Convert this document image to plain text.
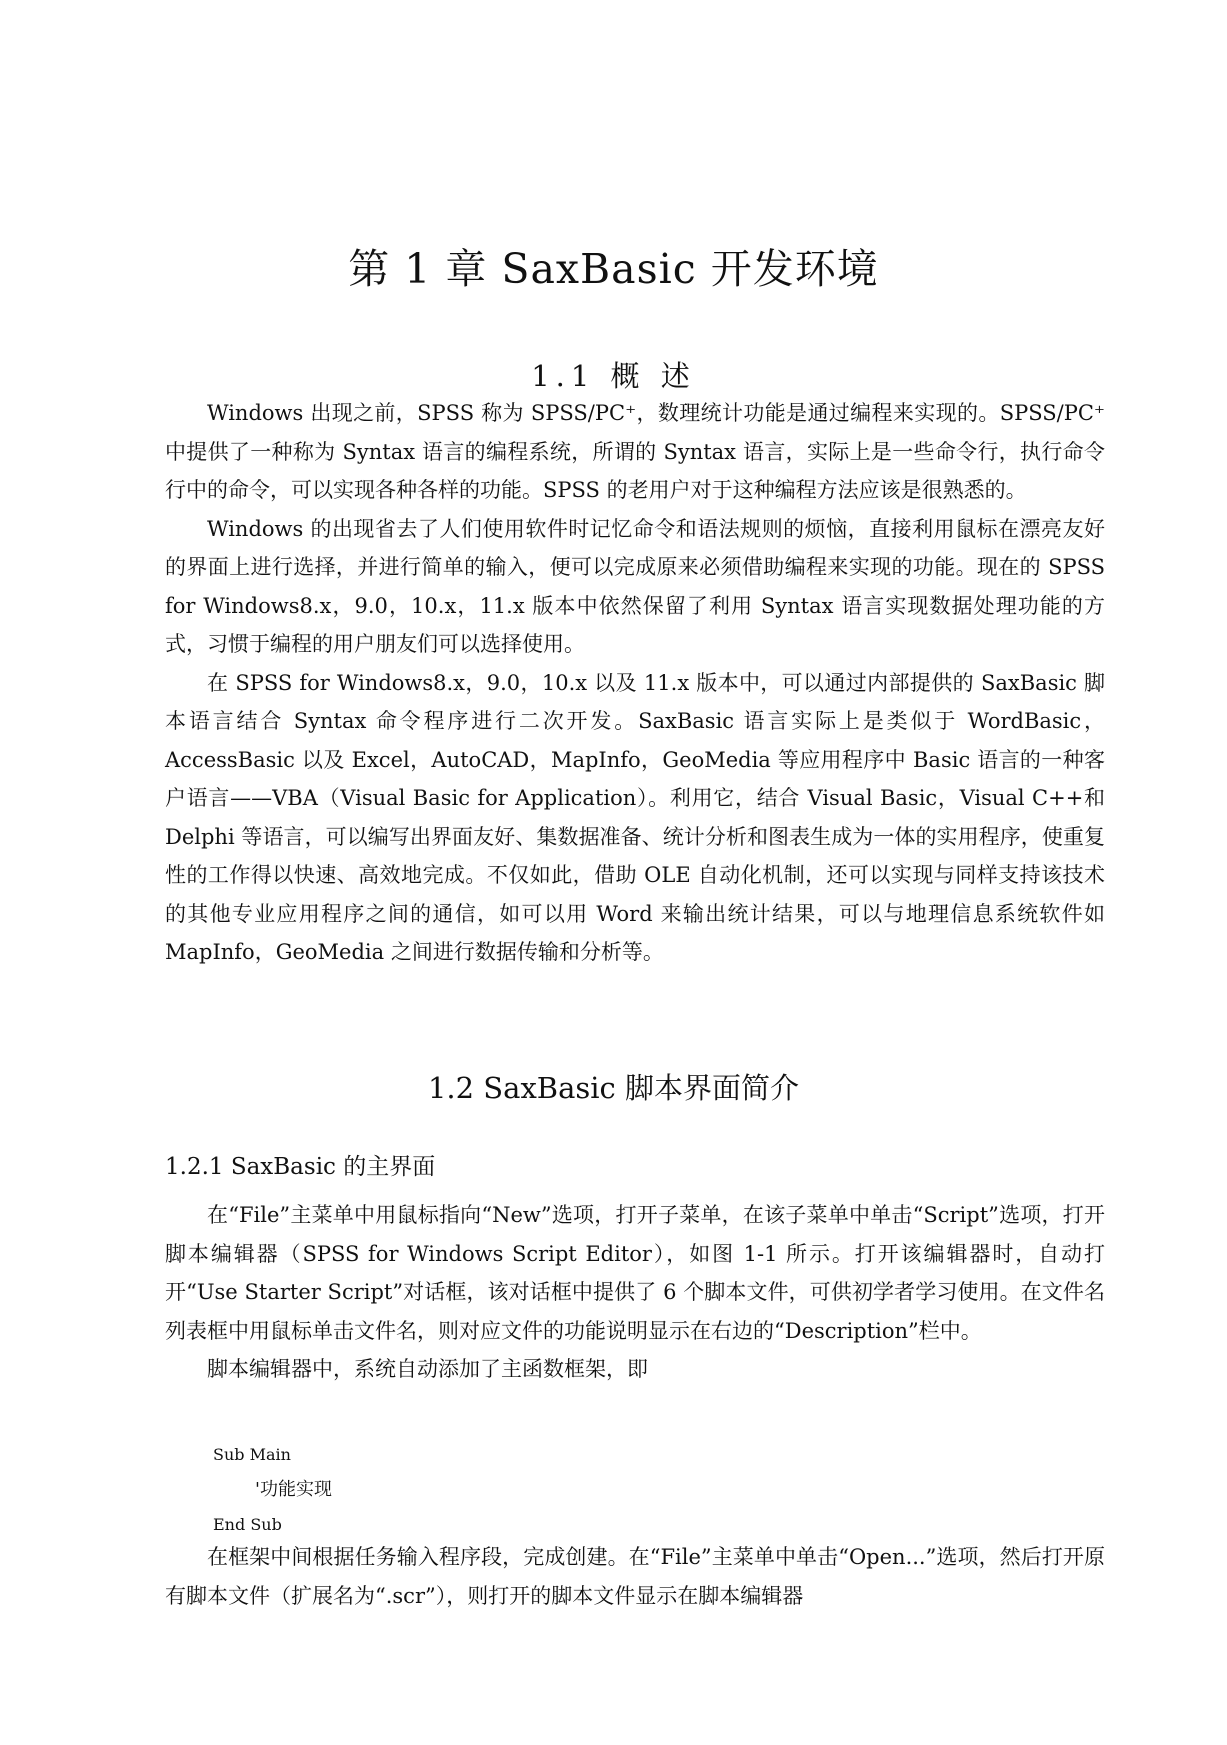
第 1 章 SaxBasic 开发环境
1.1 概 述

Windows 出现之前，SPSS 称为 SPSS/PC⁺，数理统计功能是通过编程来实现的。SPSS/PC⁺中提供了一种称为 Syntax 语言的编程系统，所谓的 Syntax 语言，实际上是一些命令行，执行命令行中的命令，可以实现各种各样的功能。SPSS 的老用户对于这种编程方法应该是很熟悉的。

Windows 的出现省去了人们使用软件时记忆命令和语法规则的烦恼，直接利用鼠标在漂亮友好的界面上进行选择，并进行简单的输入，便可以完成原来必须借助编程来实现的功能。现在的 SPSS for Windows8.x，9.0，10.x，11.x 版本中依然保留了利用 Syntax 语言实现数据处理功能的方式，习惯于编程的用户朋友们可以选择使用。

在 SPSS for Windows8.x，9.0，10.x 以及 11.x 版本中，可以通过内部提供的 SaxBasic 脚本语言结合 Syntax 命令程序进行二次开发。SaxBasic 语言实际上是类似于 WordBasic，AccessBasic 以及 Excel，AutoCAD，MapInfo，GeoMedia 等应用程序中 Basic 语言的一种客户语言——VBA（Visual Basic for Application）。利用它，结合 Visual Basic，Visual C++和 Delphi 等语言，可以编写出界面友好、集数据准备、统计分析和图表生成为一体的实用程序，使重复性的工作得以快速、高效地完成。不仅如此，借助 OLE 自动化机制，还可以实现与同样支持该技术的其他专业应用程序之间的通信，如可以用 Word 来输出统计结果，可以与地理信息系统软件如 MapInfo，GeoMedia 之间进行数据传输和分析等。

1.2 SaxBasic 脚本界面简介
1.2.1 SaxBasic 的主界面

在“File”主菜单中用鼠标指向“New”选项，打开子菜单，在该子菜单中单击“Script”选项，打开脚本编辑器（SPSS for Windows Script Editor），如图 1-1 所示。打开该编辑器时，自动打开“Use Starter Script”对话框，该对话框中提供了 6 个脚本文件，可供初学者学习使用。在文件名列表框中用鼠标单击文件名，则对应文件的功能说明显示在右边的“Description”栏中。

脚本编辑器中，系统自动添加了主函数框架，即

Sub Main
'功能实现
End Sub

在框架中间根据任务输入程序段，完成创建。在“File”主菜单中单击“Open...”选项，然后打开原有脚本文件（扩展名为“.scr”），则打开的脚本文件显示在脚本编辑器
